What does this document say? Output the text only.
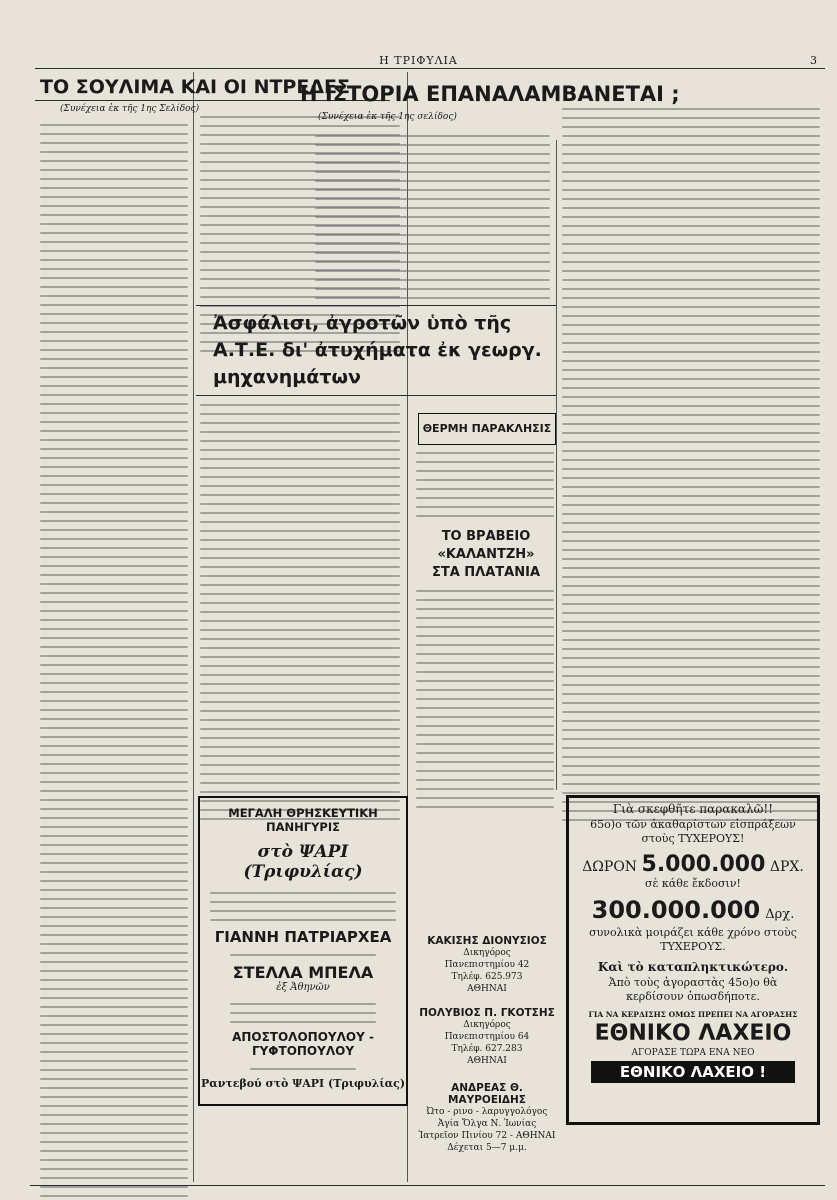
Η ΤΡΙΦΥΛΙΑ	3
ΤΟ ΣΟΥΛΙΜΑ ΚΑΙ ΟΙ ΝΤΡΕΔΕΣ
(Συνέχεια ἐκ τῆς 1ης Σελίδος)
Ἀσφάλισι, ἀγροτῶν ὑπὸ τῆς Α.Τ.Ε. δι' ἀτυχήματα ἐκ γεωργ. μηχανημάτων
Η ΙΣΤΟΡΙΑ ΕΠΑΝΑΛΑΜΒΑΝΕΤΑΙ ;
(Συνέχεια ἐκ τῆς 1ης σελίδος)
ΘΕΡΜΗ ΠΑΡΑΚΛΗΣΙΣ
ΤΟ ΒΡΑΒΕΙΟ
«ΚΑΛΑΝΤΖΗ»
ΣΤΑ ΠΛΑΤΑΝΙΑ
ΜΕΓΑΛΗ ΘΡΗΣΚΕΥΤΙΚΗ ΠΑΝΗΓΥΡΙΣ
στὸ ΨΑΡΙ (Τριφυλίας)
ΓΙΑΝΝΗ ΠΑΤΡΙΑΡΧΕΑ
ΣΤΕΛΛΑ ΜΠΕΛΑ
ἐξ Ἀθηνῶν
ΑΠΟΣΤΟΛΟΠΟΥΛΟΥ - ΓΥΦΤΟΠΟΥΛΟΥ
Ραντεβού στὸ ΨΑΡΙ (Τριφυλίας)
ΚΑΚΙΣΗΣ ΔΙΟΝΥΣΙΟΣ
Δικηγόρος
Πανεπιστημίου 42
Τηλέφ. 625.973
ΑΘΗΝΑΙ
ΠΟΛΥΒΙΟΣ Π. ΓΚΟΤΣΗΣ
Δικηγόρος
Πανεπιστημίου 64
Τηλέφ. 627.283
ΑΘΗΝΑΙ
ΑΝΔΡΕΑΣ Θ. ΜΑΥΡΟΕΙΔΗΣ
Ὠτο - ρινο - λαρυγγολόγος
Ἀγία Ὄλγα Ν. Ἰωνίας
Ἰατρεῖον Πινίου 72 - ΑΘΗΝΑΙ
Δέχεται 5—7 μ.μ.
Γιὰ σκεφθῆτε παρακαλῶ!!
65ο)ο τῶν ἀκαθαρίστων εἰσπράξεων στοὺς ΤΥΧΕΡΟΥΣ!
ΔΩΡΟΝ 5.000.000 ΔΡΧ.
σὲ κάθε ἔκδοσιν!
300.000.000 Δρχ.
συνολικὰ μοιράζει κάθε χρόνο στοὺς ΤΥΧΕΡΟΥΣ.
Καὶ τὸ καταπληκτικώτερο.
Ἀπὸ τοὺς ἀγοραστὰς 45ο)ο θὰ κερδίσουν ὀπωσδήποτε.
ΓΙΑ ΝΑ ΚΕΡΔΙΣΗΣ ΟΜΩΣ ΠΡΕΠΕΙ ΝΑ ΑΓΟΡΑΣΗΣ
ΕΘΝΙΚΟ ΛΑΧΕΙΟ
ΑΓΟΡΑΣΕ ΤΩΡΑ ΕΝΑ ΝΕΟ
ΕΘΝΙΚΟ ΛΑΧΕΙΟ !
